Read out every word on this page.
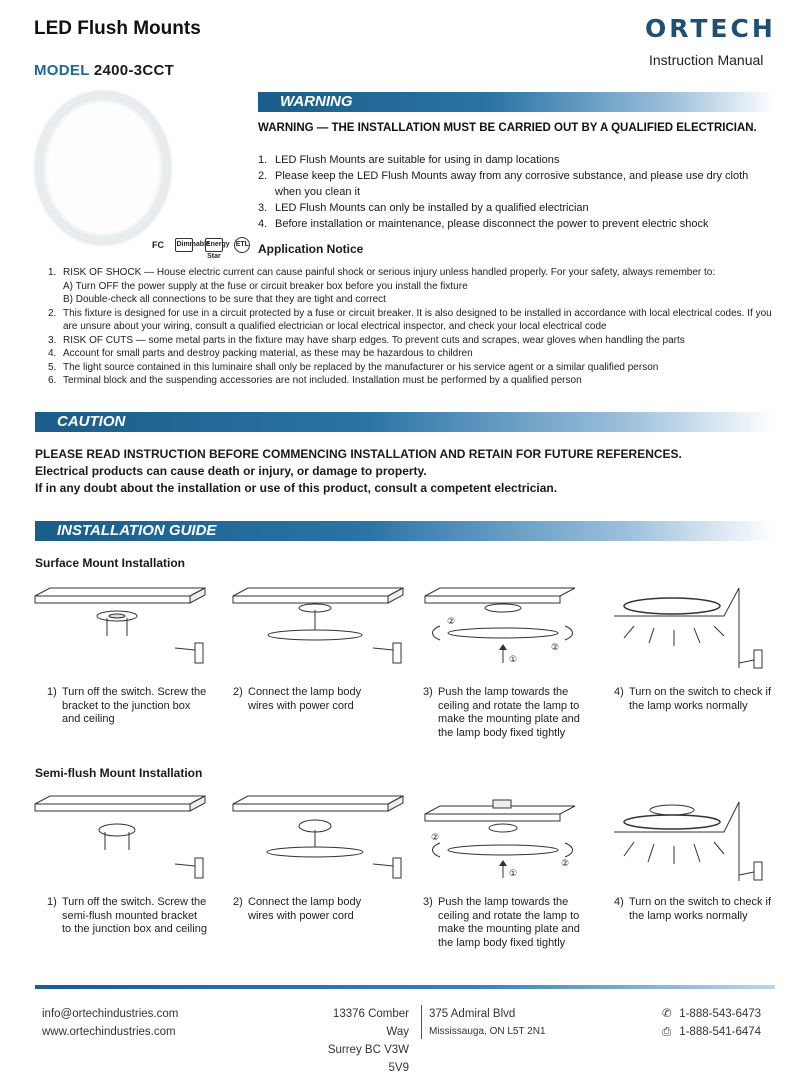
LED Flush Mounts
MODEL 2400-3CCT
ORTECH
Instruction Manual
FC Dimmable Energy Star ETL
WARNING
WARNING — THE INSTALLATION MUST BE CARRIED OUT BY A QUALIFIED ELECTRICIAN.
1. LED Flush Mounts are suitable for using in damp locations
2. Please keep the LED Flush Mounts away from any corrosive substance, and please use dry cloth when you clean it
3. LED Flush Mounts can only be installed by a qualified electrician
4. Before installation or maintenance, please disconnect the power to prevent electric shock
Application Notice
1. RISK OF SHOCK — House electric current can cause painful shock or serious injury unless handled properly. For your safety, always remember to:
A) Turn OFF the power supply at the fuse or circuit breaker box before you install the fixture
B) Double-check all connections to be sure that they are tight and correct
2. This fixture is designed for use in a circuit protected by a fuse or circuit breaker. It is also designed to be installed in accordance with local electrical codes. If you are unsure about your wiring, consult a qualified electrician or local electrical inspector, and check your local electrical code
3. RISK OF CUTS — some metal parts in the fixture may have sharp edges. To prevent cuts and scrapes, wear gloves when handling the parts
4. Account for small parts and destroy packing material, as these may be hazardous to children
5. The light source contained in this luminaire shall only be replaced by the manufacturer or his service agent or a similar qualified person
6. Terminal block and the suspending accessories are not included. Installation must be performed by a qualified person
CAUTION
PLEASE READ INSTRUCTION BEFORE COMMENCING INSTALLATION AND RETAIN FOR FUTURE REFERENCES.
Electrical products can cause death or injury, or damage to property.
If in any doubt about the installation or use of this product, consult a competent electrician.
INSTALLATION GUIDE
Surface Mount Installation
②
②
①
1) Turn off the switch. Screw the bracket to the junction box and ceiling
2) Connect the lamp body wires with power cord
3) Push the lamp towards the ceiling and rotate the lamp to make the mounting plate and the lamp body fixed tightly
4) Turn on the switch to check if the lamp works normally
Semi-flush Mount Installation
②
②
①
1) Turn off the switch. Screw the semi-flush mounted bracket to the junction box and ceiling
2) Connect the lamp body wires with power cord
3) Push the lamp towards the ceiling and rotate the lamp to make the mounting plate and the lamp body fixed tightly
4) Turn on the switch to check if the lamp works normally
info@ortechindustries.com
www.ortechindustries.com
13376 Comber Way
Surrey BC V3W 5V9
375 Admiral Blvd
Mississauga, ON L5T 2N1
✆ 1-888-543-6473
⎙ 1-888-541-6474
